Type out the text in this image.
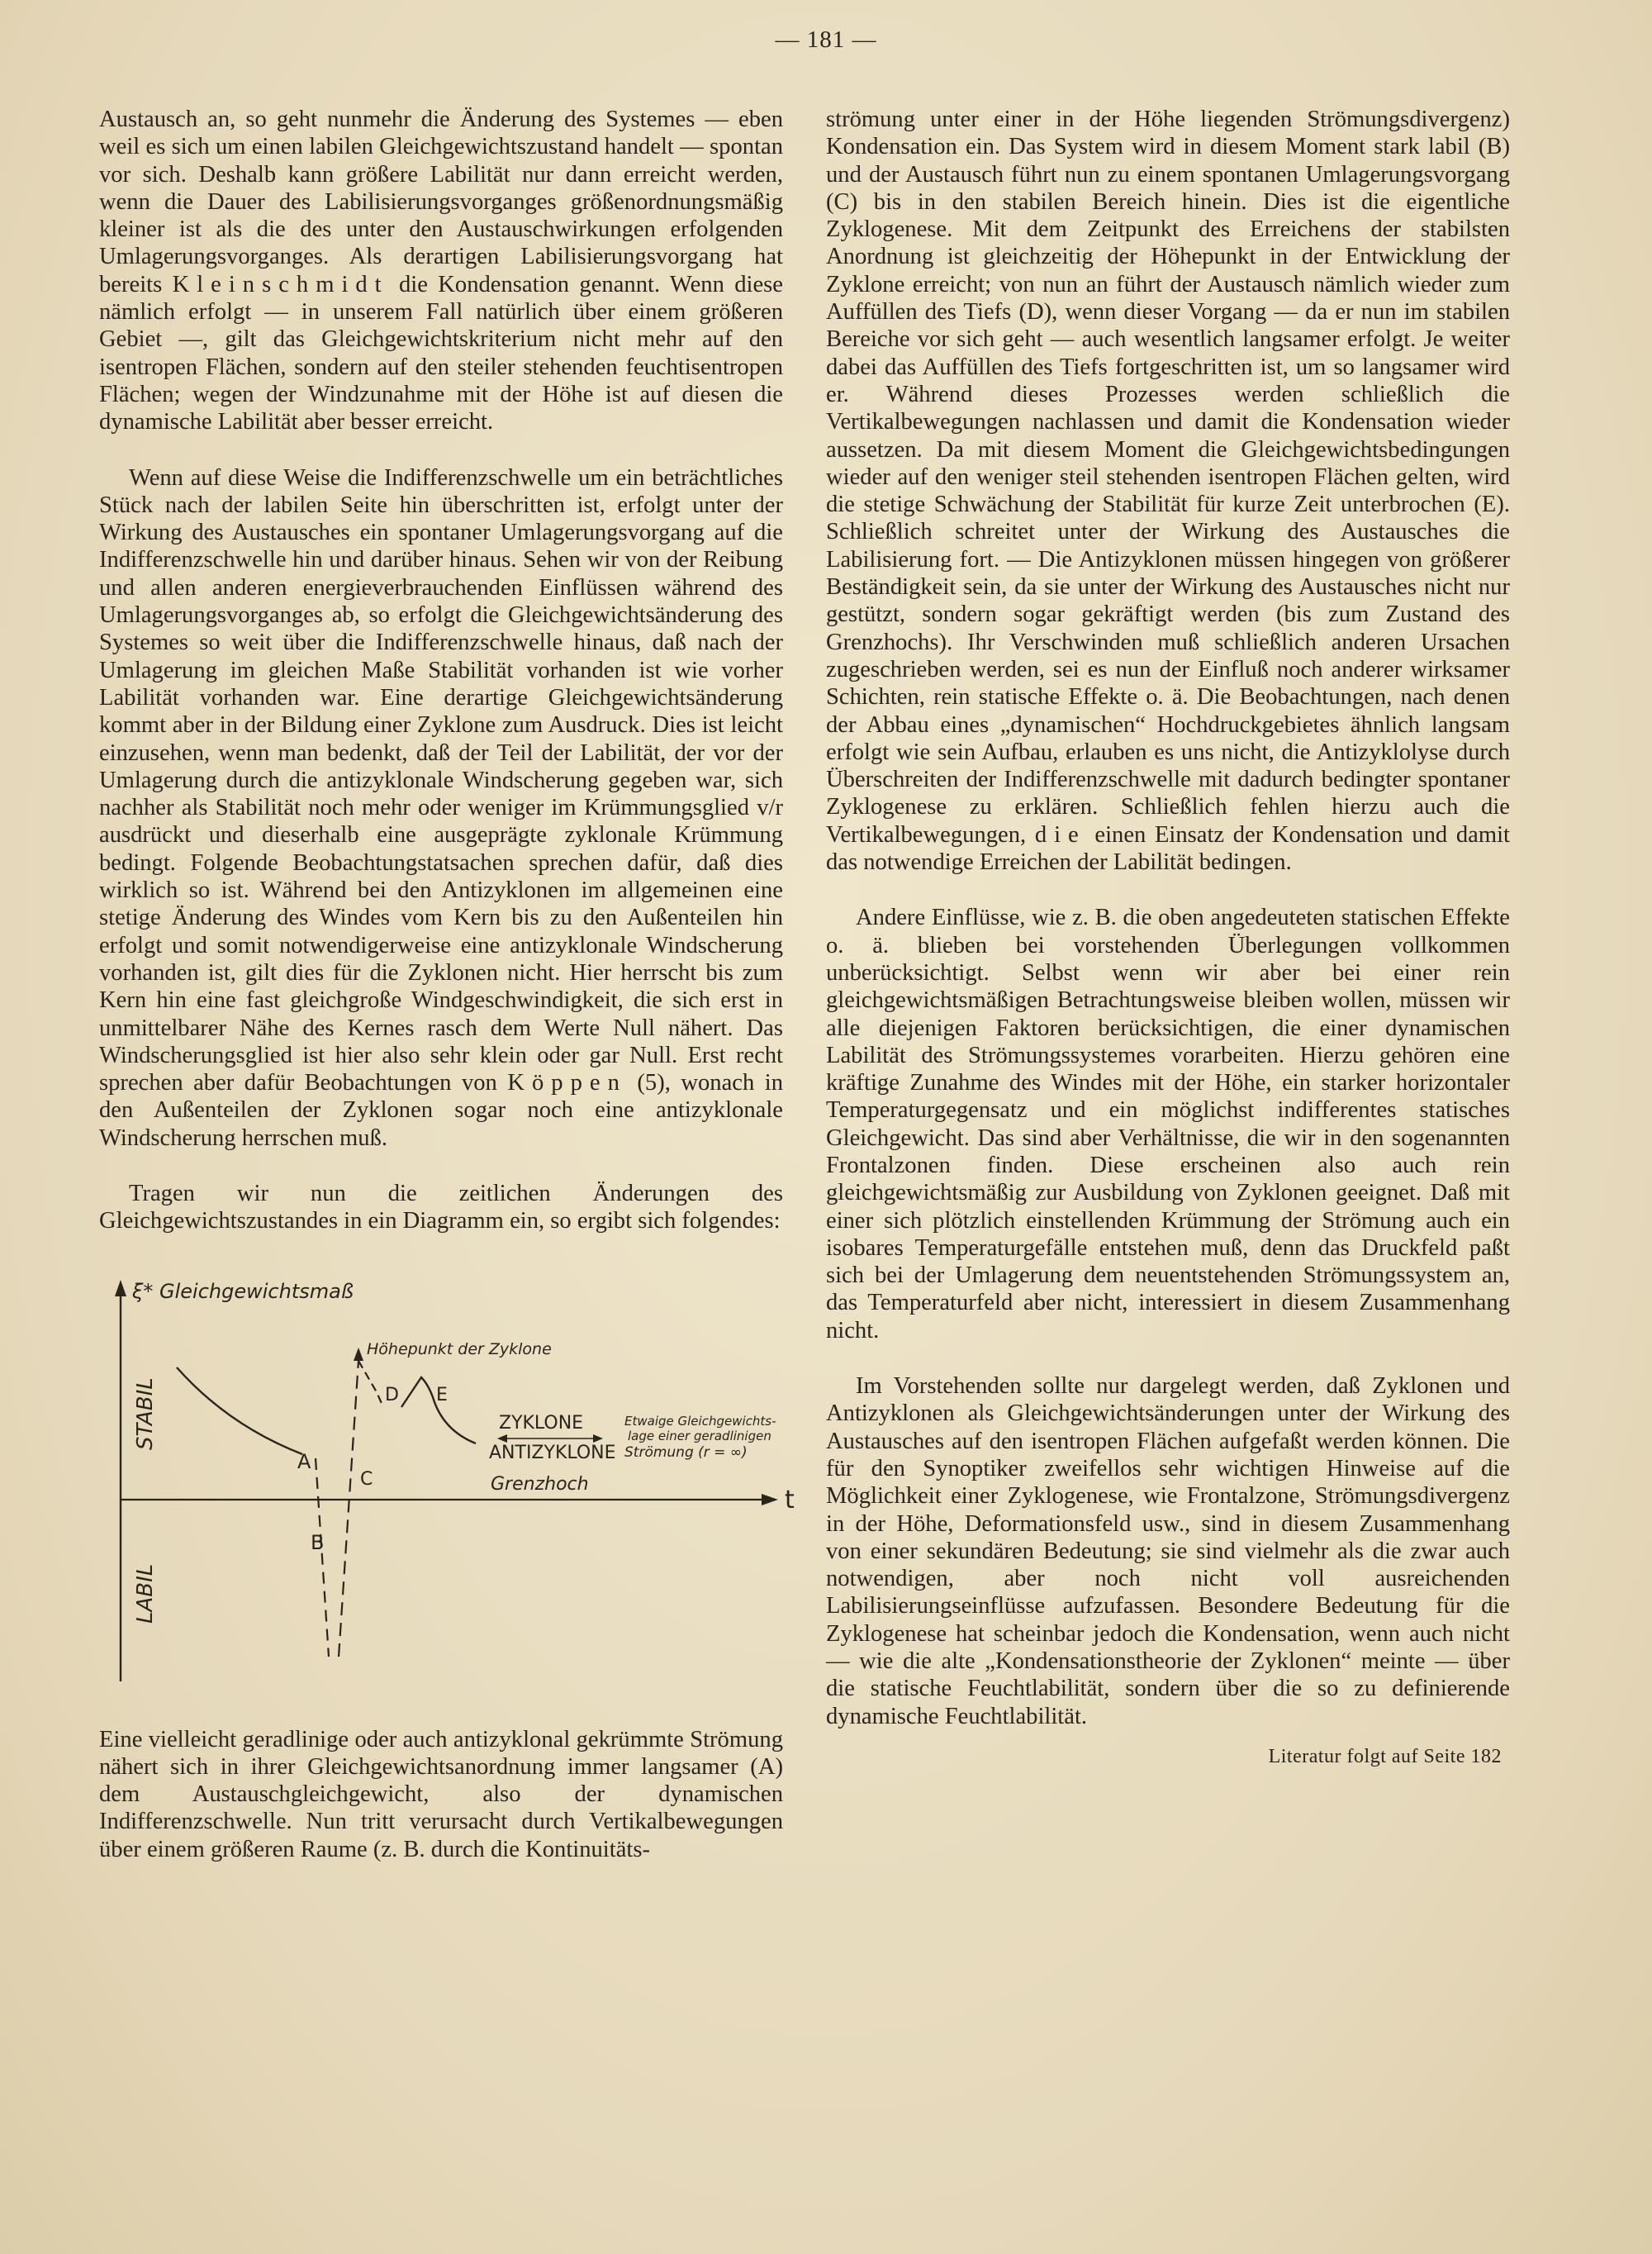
— 181 —

Austausch an, so geht nunmehr die Änderung des Systemes — eben weil es sich um einen labilen Gleichgewichtszustand handelt — spontan vor sich. Deshalb kann größere Labilität nur dann erreicht werden, wenn die Dauer des Labilisierungsvorganges größenordnungsmäßig kleiner ist als die des unter den Austauschwirkungen erfolgenden Umlagerungsvorganges. Als derartigen Labilisierungsvorgang hat bereits Kleinschmidt die Kondensation genannt. Wenn diese nämlich erfolgt — in unserem Fall natürlich über einem größeren Gebiet —, gilt das Gleichgewichtskriterium nicht mehr auf den isentropen Flächen, sondern auf den steiler stehenden feuchtisentropen Flächen; wegen der Windzunahme mit der Höhe ist auf diesen die dynamische Labilität aber besser erreicht.

Wenn auf diese Weise die Indifferenzschwelle um ein beträchtliches Stück nach der labilen Seite hin überschritten ist, erfolgt unter der Wirkung des Austausches ein spontaner Umlagerungsvorgang auf die Indifferenzschwelle hin und darüber hinaus. Sehen wir von der Reibung und allen anderen energieverbrauchenden Einflüssen während des Umlagerungsvorganges ab, so erfolgt die Gleichgewichtsänderung des Systemes so weit über die Indifferenzschwelle hinaus, daß nach der Umlagerung im gleichen Maße Stabilität vorhanden ist wie vorher Labilität vorhanden war. Eine derartige Gleichgewichtsänderung kommt aber in der Bildung einer Zyklone zum Ausdruck. Dies ist leicht einzusehen, wenn man bedenkt, daß der Teil der Labilität, der vor der Umlagerung durch die antizyklonale Windscherung gegeben war, sich nachher als Stabilität noch mehr oder weniger im Krümmungsglied v/r ausdrückt und dieserhalb eine ausgeprägte zyklonale Krümmung bedingt. Folgende Beobachtungstatsachen sprechen dafür, daß dies wirklich so ist. Während bei den Antizyklonen im allgemeinen eine stetige Änderung des Windes vom Kern bis zu den Außenteilen hin erfolgt und somit notwendigerweise eine antizyklonale Windscherung vorhanden ist, gilt dies für die Zyklonen nicht. Hier herrscht bis zum Kern hin eine fast gleichgroße Windgeschwindigkeit, die sich erst in unmittelbarer Nähe des Kernes rasch dem Werte Null nähert. Das Windscherungsglied ist hier also sehr klein oder gar Null. Erst recht sprechen aber dafür Beobachtungen von Köppen (5), wonach in den Außenteilen der Zyklonen sogar noch eine antizyklonale Windscherung herrschen muß.

Tragen wir nun die zeitlichen Änderungen des Gleichgewichtszustandes in ein Diagramm ein, so ergibt sich folgendes:

ξ* Gleichgewichtsmaß
t
Grenzhoch
STABIL
LABIL
A
B
C
Höhepunkt der Zyklone
D E
ZYKLONE
ANTIZYKLONE
Etwaige Gleichgewichts-
lage einer geradlinigen
Strömung (r = ∞)

Eine vielleicht geradlinige oder auch antizyklonal gekrümmte Strömung nähert sich in ihrer Gleichgewichtsanordnung immer langsamer (A) dem Austauschgleichgewicht, also der dynamischen Indifferenzschwelle. Nun tritt verursacht durch Vertikalbewegungen über einem größeren Raume (z. B. durch die Kontinuitäts-

strömung unter einer in der Höhe liegenden Strömungsdivergenz) Kondensation ein. Das System wird in diesem Moment stark labil (B) und der Austausch führt nun zu einem spontanen Umlagerungsvorgang (C) bis in den stabilen Bereich hinein. Dies ist die eigentliche Zyklogenese. Mit dem Zeitpunkt des Erreichens der stabilsten Anordnung ist gleichzeitig der Höhepunkt in der Entwicklung der Zyklone erreicht; von nun an führt der Austausch nämlich wieder zum Auffüllen des Tiefs (D), wenn dieser Vorgang — da er nun im stabilen Bereiche vor sich geht — auch wesentlich langsamer erfolgt. Je weiter dabei das Auffüllen des Tiefs fortgeschritten ist, um so langsamer wird er. Während dieses Prozesses werden schließlich die Vertikalbewegungen nachlassen und damit die Kondensation wieder aussetzen. Da mit diesem Moment die Gleichgewichtsbedingungen wieder auf den weniger steil stehenden isentropen Flächen gelten, wird die stetige Schwächung der Stabilität für kurze Zeit unterbrochen (E). Schließlich schreitet unter der Wirkung des Austausches die Labilisierung fort. — Die Antizyklonen müssen hingegen von größerer Beständigkeit sein, da sie unter der Wirkung des Austausches nicht nur gestützt, sondern sogar gekräftigt werden (bis zum Zustand des Grenzhochs). Ihr Verschwinden muß schließlich anderen Ursachen zugeschrieben werden, sei es nun der Einfluß noch anderer wirksamer Schichten, rein statische Effekte o. ä. Die Beobachtungen, nach denen der Abbau eines „dynamischen“ Hochdruckgebietes ähnlich langsam erfolgt wie sein Aufbau, erlauben es uns nicht, die Antizyklolyse durch Überschreiten der Indifferenzschwelle mit dadurch bedingter spontaner Zyklogenese zu erklären. Schließlich fehlen hierzu auch die Vertikalbewegungen, die einen Einsatz der Kondensation und damit das notwendige Erreichen der Labilität bedingen.

Andere Einflüsse, wie z. B. die oben angedeuteten statischen Effekte o. ä. blieben bei vorstehenden Überlegungen vollkommen unberücksichtigt. Selbst wenn wir aber bei einer rein gleichgewichtsmäßigen Betrachtungsweise bleiben wollen, müssen wir alle diejenigen Faktoren berücksichtigen, die einer dynamischen Labilität des Strömungssystemes vorarbeiten. Hierzu gehören eine kräftige Zunahme des Windes mit der Höhe, ein starker horizontaler Temperaturgegensatz und ein möglichst indifferentes statisches Gleichgewicht. Das sind aber Verhältnisse, die wir in den sogenannten Frontalzonen finden. Diese erscheinen also auch rein gleichgewichtsmäßig zur Ausbildung von Zyklonen geeignet. Daß mit einer sich plötzlich einstellenden Krümmung der Strömung auch ein isobares Temperaturgefälle entstehen muß, denn das Druckfeld paßt sich bei der Umlagerung dem neuentstehenden Strömungssystem an, das Temperaturfeld aber nicht, interessiert in diesem Zusammenhang nicht.

Im Vorstehenden sollte nur dargelegt werden, daß Zyklonen und Antizyklonen als Gleichgewichtsänderungen unter der Wirkung des Austausches auf den isentropen Flächen aufgefaßt werden können. Die für den Synoptiker zweifellos sehr wichtigen Hinweise auf die Möglichkeit einer Zyklogenese, wie Frontalzone, Strömungsdivergenz in der Höhe, Deformationsfeld usw., sind in diesem Zusammenhang von einer sekundären Bedeutung; sie sind vielmehr als die zwar auch notwendigen, aber noch nicht voll ausreichenden Labilisierungseinflüsse aufzufassen. Besondere Bedeutung für die Zyklogenese hat scheinbar jedoch die Kondensation, wenn auch nicht — wie die alte „Kondensationstheorie der Zyklonen“ meinte — über die statische Feuchtlabilität, sondern über die so zu definierende dynamische Feuchtlabilität.

Literatur folgt auf Seite 182
